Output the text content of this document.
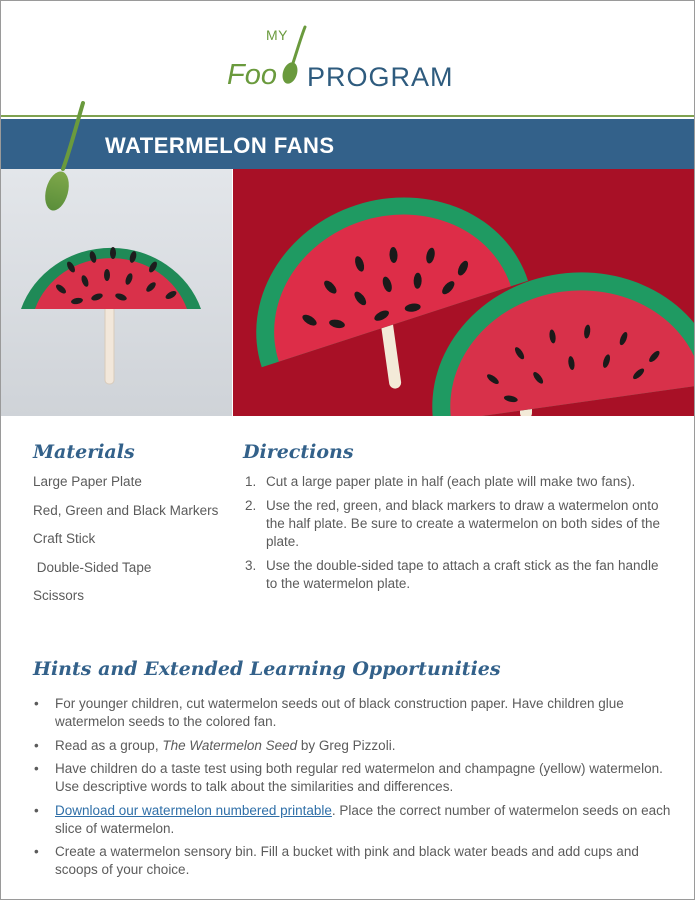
MY
Foo PROGRAM
WATERMELON FANS
Materials
Large Paper Plate
Red, Green and Black Markers
Craft Stick
Double-Sided Tape
Scissors
Directions
1. Cut a large paper plate in half (each plate will make two fans).
2. Use the red, green, and black markers to draw a watermelon onto the half plate. Be sure to create a watermelon on both sides of the plate.
3. Use the double-sided tape to attach a craft stick as the fan handle to the watermelon plate.
Hints and Extended Learning Opportunities
• For younger children, cut watermelon seeds out of black construction paper. Have children glue watermelon seeds to the colored fan.
• Read as a group, The Watermelon Seed by Greg Pizzoli.
• Have children do a taste test using both regular red watermelon and champagne (yellow) watermelon. Use descriptive words to talk about the similarities and differences.
• Download our watermelon numbered printable. Place the correct number of watermelon seeds on each slice of watermelon.
• Create a watermelon sensory bin. Fill a bucket with pink and black water beads and add cups and scoops of your choice.
